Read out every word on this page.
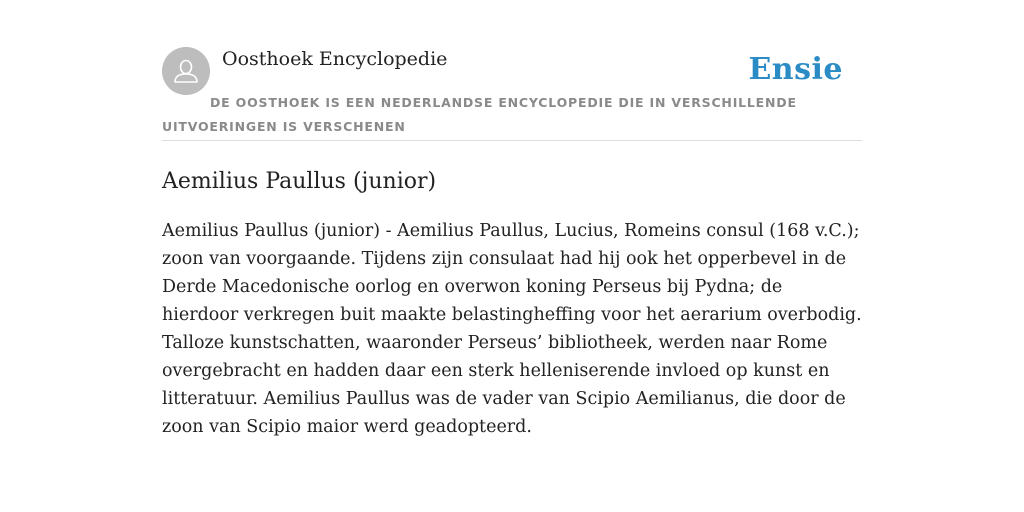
Oosthoek Encyclopedie	Ensie
DE OOSTHOEK IS EEN NEDERLANDSE ENCYCLOPEDIE DIE IN VERSCHILLENDE UITVOERINGEN IS VERSCHENEN
Aemilius Paullus (junior)

Aemilius Paullus (junior) - Aemilius Paullus, Lucius, Romeins consul (168 v.C.); zoon van voorgaande. Tijdens zijn consulaat had hij ook het opperbevel in de Derde Macedonische oorlog en overwon koning Perseus bij Pydna; de hierdoor verkregen buit maakte belastingheffing voor het aerarium overbodig. Talloze kunstschatten, waaronder Perseus’ bibliotheek, werden naar Rome overgebracht en hadden daar een sterk helleniserende invloed op kunst en litteratuur. Aemilius Paullus was de vader van Scipio Aemilianus, die door de zoon van Scipio maior werd geadopteerd.
